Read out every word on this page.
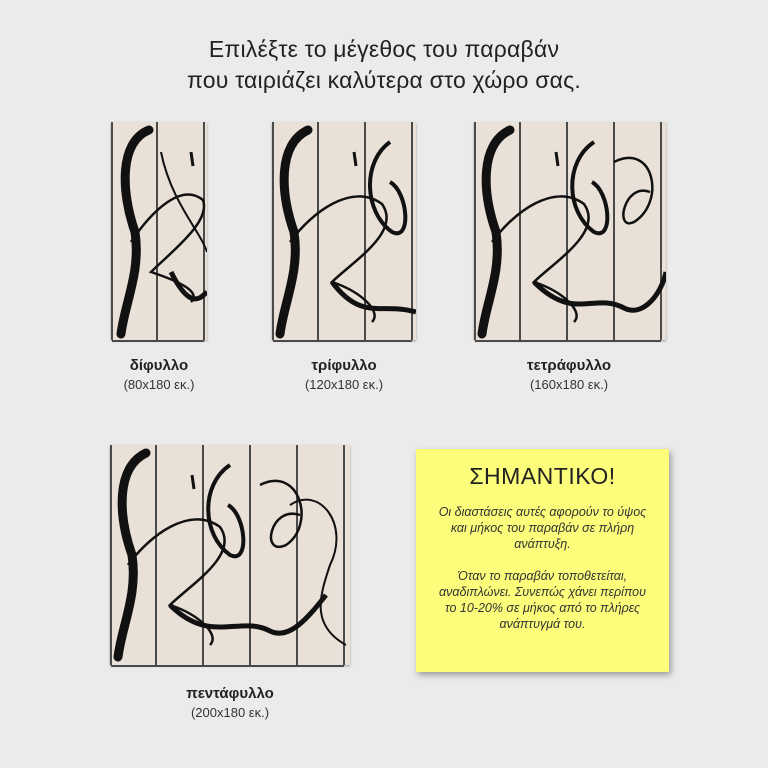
Επιλέξτε το μέγεθος του παραβάν
που ταιριάζει καλύτερα στο χώρο σας.
δίφυλλο
(80x180 εκ.)
τρίφυλλο
(120x180 εκ.)
τετράφυλλο
(160x180 εκ.)
πεντάφυλλο
(200x180 εκ.)
ΣΗΜΑΝΤΙΚΟ!

Οι διαστάσεις αυτές αφορούν το ύψος και μήκος του παραβάν σε πλήρη ανάπτυξη.

Όταν το παραβάν τοποθετείται, αναδιπλώνει. Συνεπώς χάνει περίπου το 10-20% σε μήκος από το πλήρες ανάπτυγμά του.
